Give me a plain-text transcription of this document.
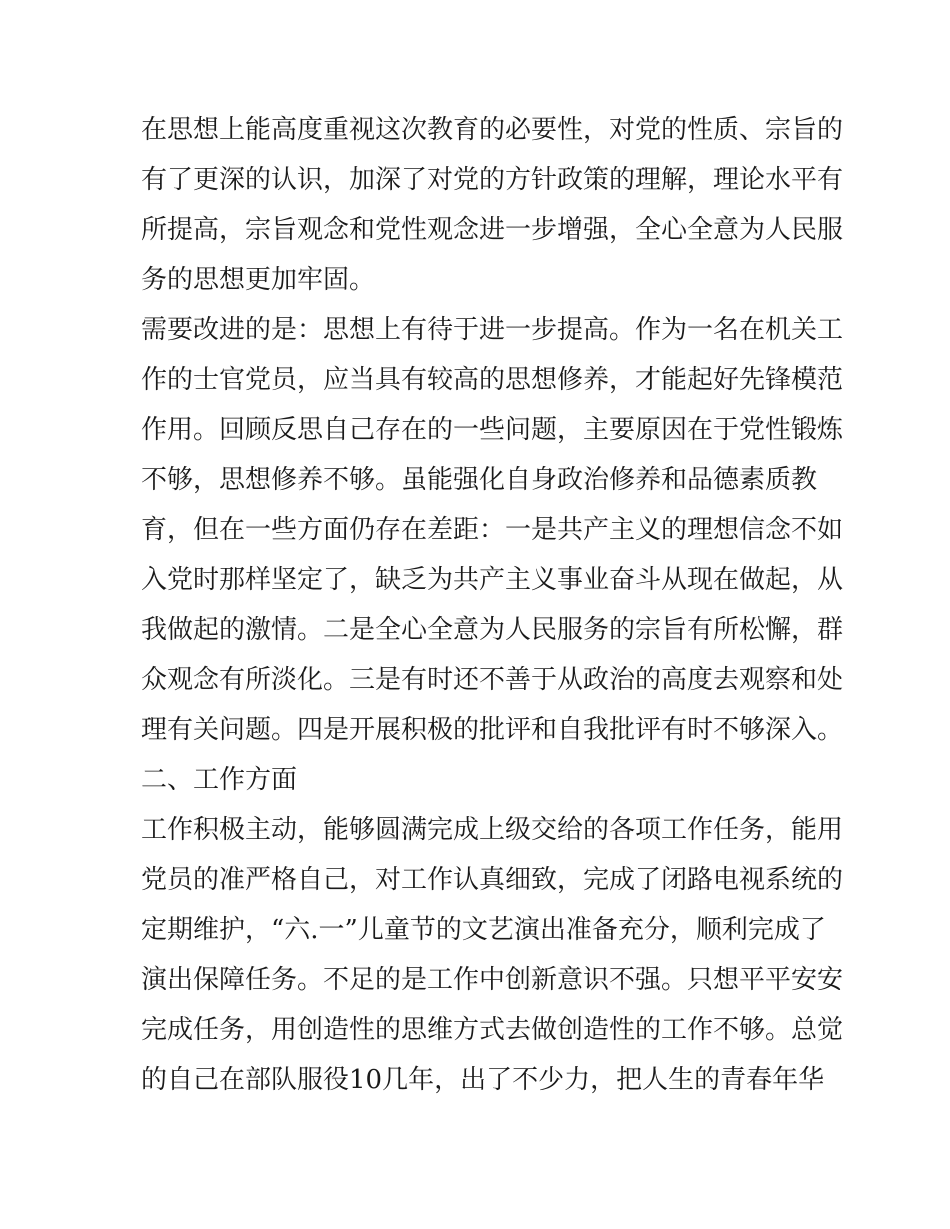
在思想上能高度重视这次教育的必要性，对党的性质、宗旨的
有了更深的认识，加深了对党的方针政策的理解，理论水平有
所提高，宗旨观念和党性观念进一步增强，全心全意为人民服
务的思想更加牢固。
需要改进的是：思想上有待于进一步提高。作为一名在机关工
作的士官党员，应当具有较高的思想修养，才能起好先锋模范
作用。回顾反思自己存在的一些问题，主要原因在于党性锻炼
不够，思想修养不够。虽能强化自身政治修养和品德素质教
育，但在一些方面仍存在差距：一是共产主义的理想信念不如
入党时那样坚定了，缺乏为共产主义事业奋斗从现在做起，从
我做起的激情。二是全心全意为人民服务的宗旨有所松懈，群
众观念有所淡化。三是有时还不善于从政治的高度去观察和处
理有关问题。四是开展积极的批评和自我批评有时不够深入。
二、工作方面
工作积极主动，能够圆满完成上级交给的各项工作任务，能用
党员的准严格自己，对工作认真细致，完成了闭路电视系统的
定期维护，“六.一”儿童节的文艺演出准备充分，顺利完成了
演出保障任务。不足的是工作中创新意识不强。只想平平安安
完成任务，用创造性的思维方式去做创造性的工作不够。总觉
的自己在部队服役10几年，出了不少力，把人生的青春年华
